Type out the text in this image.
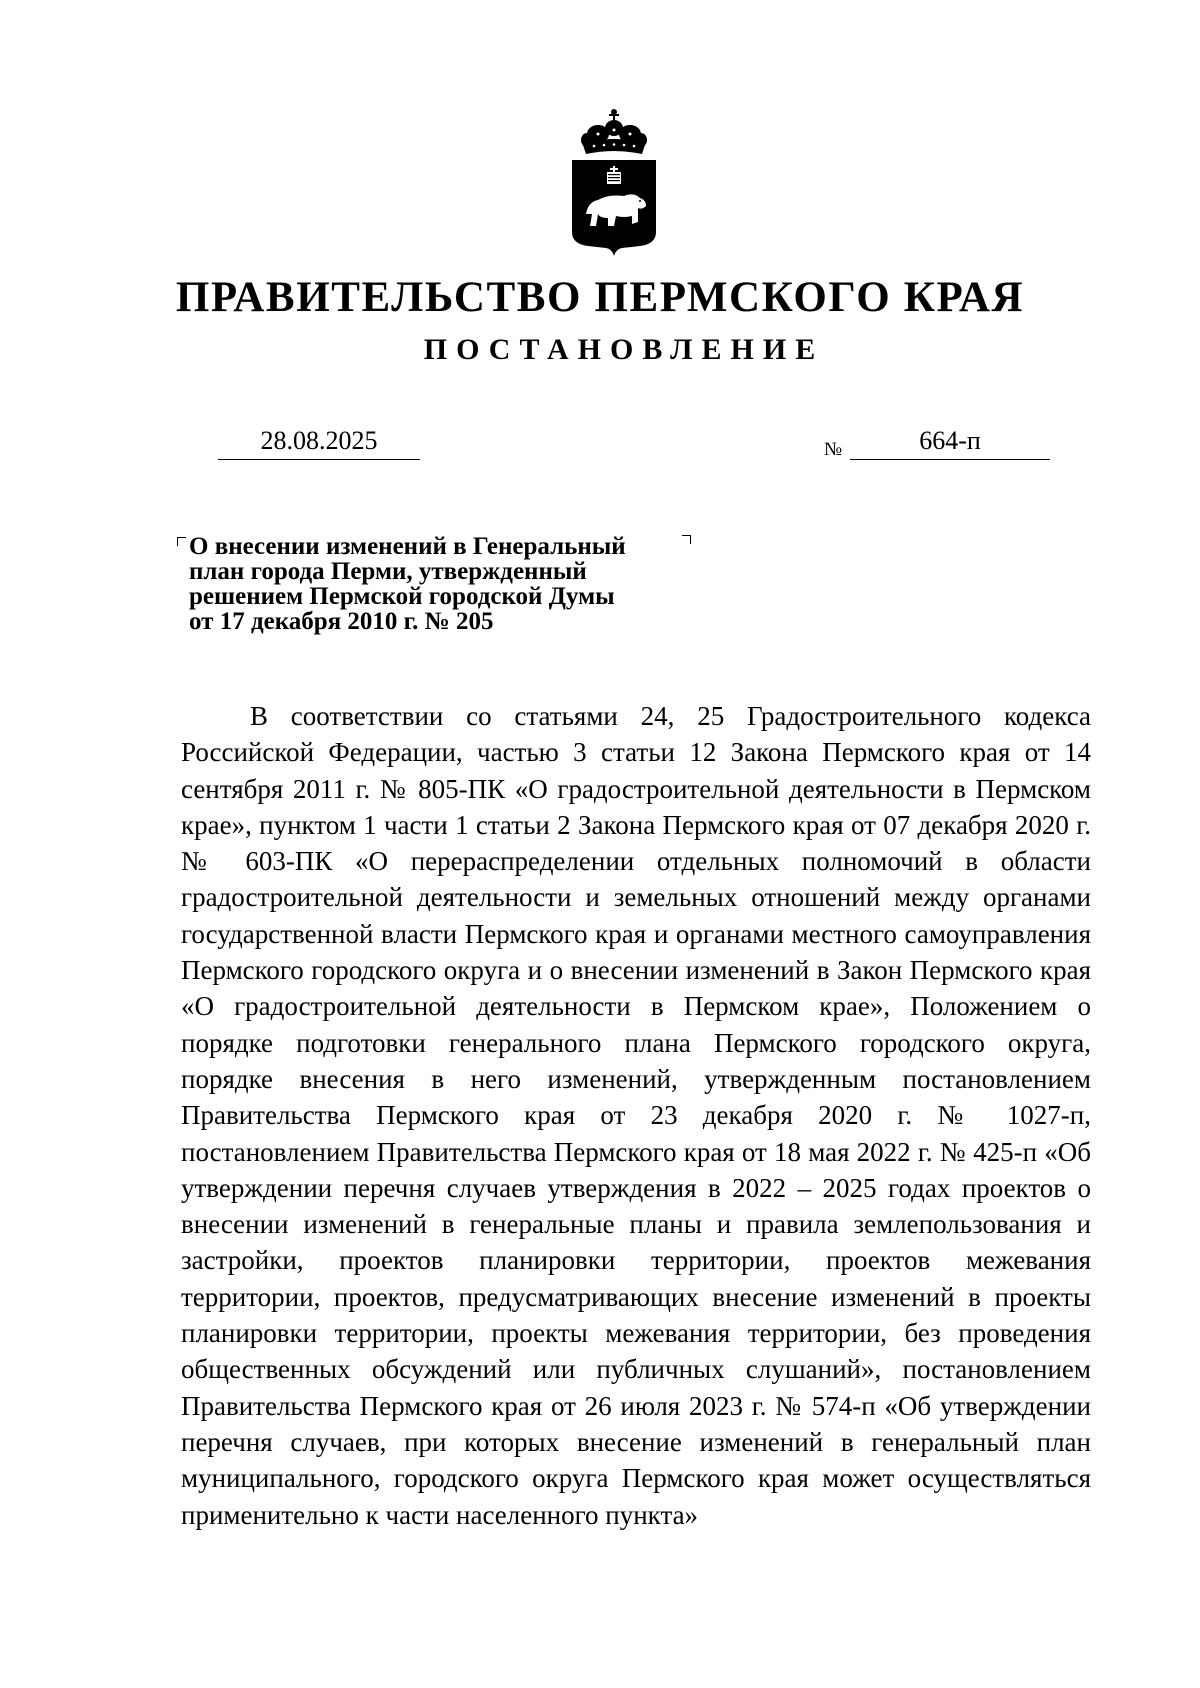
ПРАВИТЕЛЬСТВО ПЕРМСКОГО КРАЯ
ПОСТАНОВЛЕНИЕ
28.08.2025	№	664-п
О внесении изменений в Генеральный
план города Перми, утвержденный
решением Пермской городской Думы
от 17 декабря 2010 г. № 205

В соответствии со статьями 24, 25 Градостроительного кодекса Российской Федерации, частью 3 статьи 12 Закона Пермского края от 14 сентября 2011 г. № 805-ПК «О градостроительной деятельности в Пермском крае», пунктом 1 части 1 статьи 2 Закона Пермского края от 07 декабря 2020 г. № 603-ПК «О перераспределении отдельных полномочий в области градостроительной деятельности и земельных отношений между органами государственной власти Пермского края и органами местного самоуправления Пермского городского округа и о внесении изменений в Закон Пермского края «О градостроительной деятельности в Пермском крае», Положением о порядке подготовки генерального плана Пермского городского округа, порядке внесения в него изменений, утвержденным постановлением Правительства Пермского края от 23 декабря 2020 г. № 1027-п, постановлением Правительства Пермского края от 18 мая 2022 г. № 425-п «Об утверждении перечня случаев утверждения в 2022 – 2025 годах проектов о внесении изменений в генеральные планы и правила землепользования и застройки, проектов планировки территории, проектов межевания территории, проектов, предусматривающих внесение изменений в проекты планировки территории, проекты межевания территории, без проведения общественных обсуждений или публичных слушаний», постановлением Правительства Пермского края от 26 июля 2023 г. № 574-п «Об утверждении перечня случаев, при которых внесение изменений в генеральный план муниципального, городского округа Пермского края может осуществляться применительно к части населенного пункта»
